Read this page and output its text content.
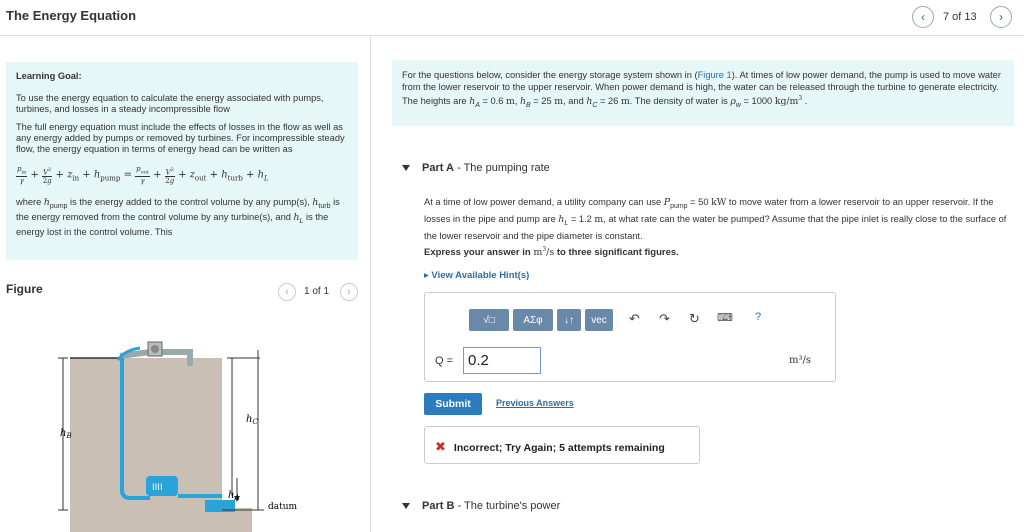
The Energy Equation	‹ 7 of 13 ›
Learning Goal:

To use the energy equation to calculate the energy associated with pumps, turbines, and losses in a steady incompressible flow

The full energy equation must include the effects of losses in the flow as well as any energy added by pumps or removed by turbines. For incompressible steady flow, the energy equation in terms of energy head can be written as

$\frac{p_{in}}{\gamma} + \frac{V^2}{2g} + z_{in} + h_{pump} = \frac{p_{out}}{\gamma} + \frac{V^2}{2g} + z_{out} + h_{turb} + h_L$

where $h_{pump}$ is the energy added to the control volume by any pump(s), $h_{turb}$ is the energy removed from the control volume by any turbine(s), and $h_L$ is the energy lost in the control volume. This

Figure	‹ 1 of 1 ›
IIII
$h_B$
$h_C$
$h_A$
datum
For the questions below, consider the energy storage system shown in (Figure 1). At times of low power demand, the pump is used to move water from the lower reservoir to the upper reservoir. When power demand is high, the water can be released through the turbine to generate electricity. The heights are $h_A = 0.6$ m, $h_B = 25$ m, and $h_C = 26$ m. The density of water is $\rho_w = 1000$ $kg/m^3$ .
Part A - The pumping rate
At a time of low power demand, a utility company can use $P_{pump} = 50$ kW to move water from a lower reservoir to an upper reservoir. If the losses in the pipe and pump are $h_L = 1.2$ m, at what rate can the water be pumped? Assume that the pipe inlet is really close to the surface of the lower reservoir and the pipe diameter is constant.
Express your answer in $m^3/s$ to three significant figures.
▸ View Available Hint(s)
√□	ΑΣφ	↓↑	vec	↶ ↷ ↻ ⌨ ?
Q =
0.2	m³/s
Submit	Previous Answers
✖ Incorrect; Try Again; 5 attempts remaining
Part B - The turbine's power
